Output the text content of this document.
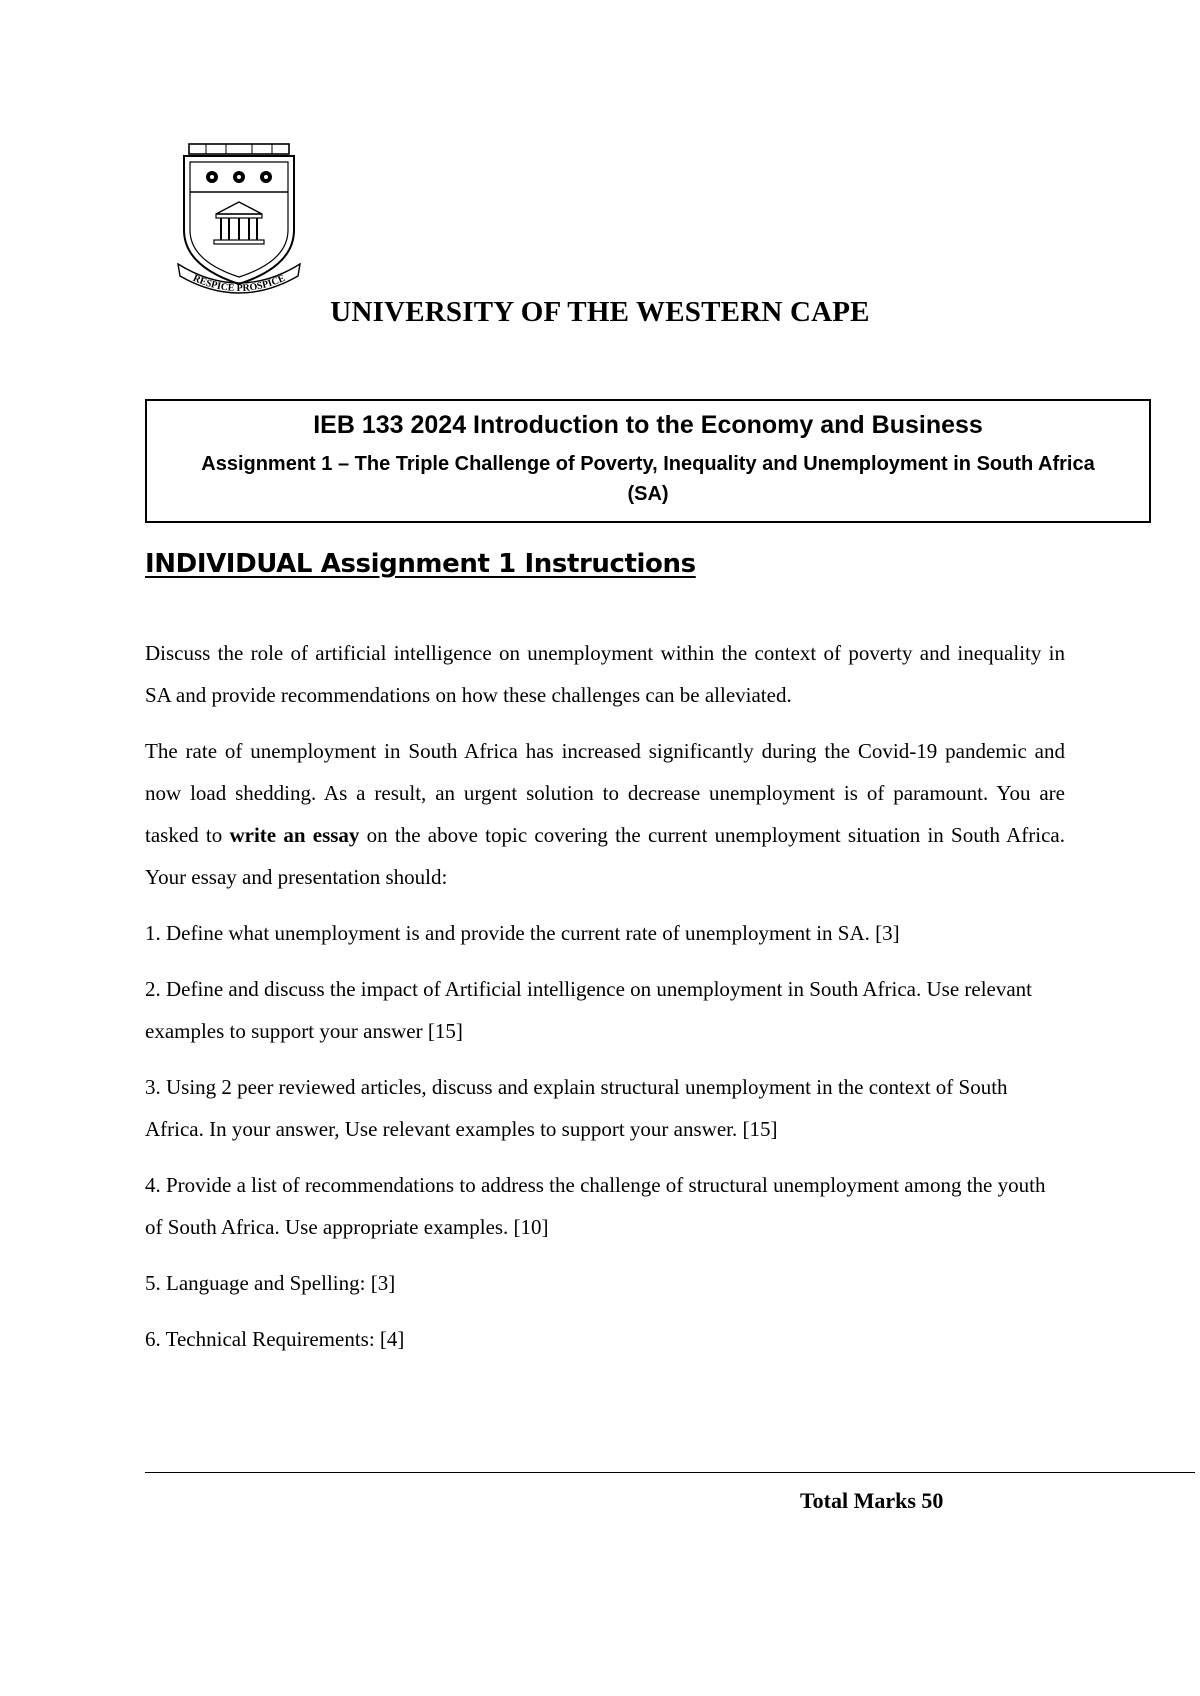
RESPICE PROSPICE
UNIVERSITY OF THE WESTERN CAPE

IEB 133 2024 Introduction to the Economy and Business

Assignment 1 – The Triple Challenge of Poverty, Inequality and Unemployment in South Africa (SA)

INDIVIDUAL Assignment 1 Instructions

Discuss the role of artificial intelligence on unemployment within the context of poverty and inequality in SA and provide recommendations on how these challenges can be alleviated.

The rate of unemployment in South Africa has increased significantly during the Covid-19 pandemic and now load shedding. As a result, an urgent solution to decrease unemployment is of paramount. You are tasked to write an essay on the above topic covering the current unemployment situation in South Africa. Your essay and presentation should:

1. Define what unemployment is and provide the current rate of unemployment in SA. [3]

2. Define and discuss the impact of Artificial intelligence on unemployment in South Africa. Use relevant examples to support your answer [15]

3. Using 2 peer reviewed articles, discuss and explain structural unemployment in the context of South Africa. In your answer, Use relevant examples to support your answer. [15]

4. Provide a list of recommendations to address the challenge of structural unemployment among the youth of South Africa. Use appropriate examples. [10]

5. Language and Spelling: [3]

6. Technical Requirements: [4]

Total Marks 50
